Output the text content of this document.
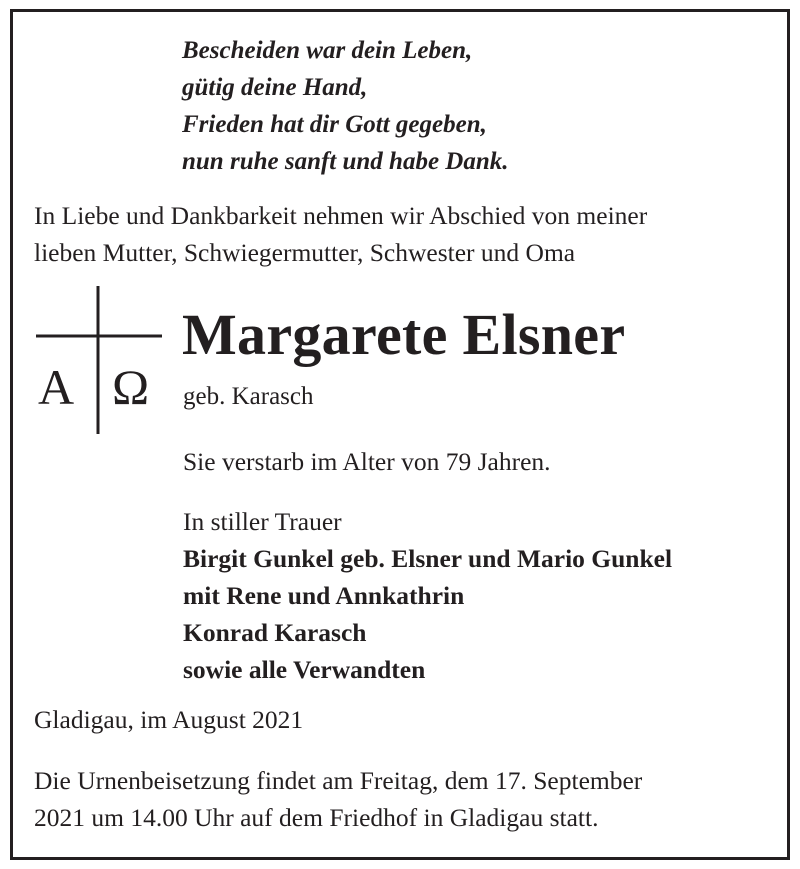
Bescheiden war dein Leben,
gütig deine Hand,
Frieden hat dir Gott gegeben,
nun ruhe sanft und habe Dank.
In Liebe und Dankbarkeit nehmen wir Abschied von meiner
lieben Mutter, Schwiegermutter, Schwester und Oma
A Ω
Margarete Elsner
geb. Karasch
Sie verstarb im Alter von 79 Jahren.
In stiller Trauer
Birgit Gunkel geb. Elsner und Mario Gunkel
mit Rene und Annkathrin
Konrad Karasch
sowie alle Verwandten
Gladigau, im August 2021
Die Urnenbeisetzung findet am Freitag, dem 17. September
2021 um 14.00 Uhr auf dem Friedhof in Gladigau statt.
